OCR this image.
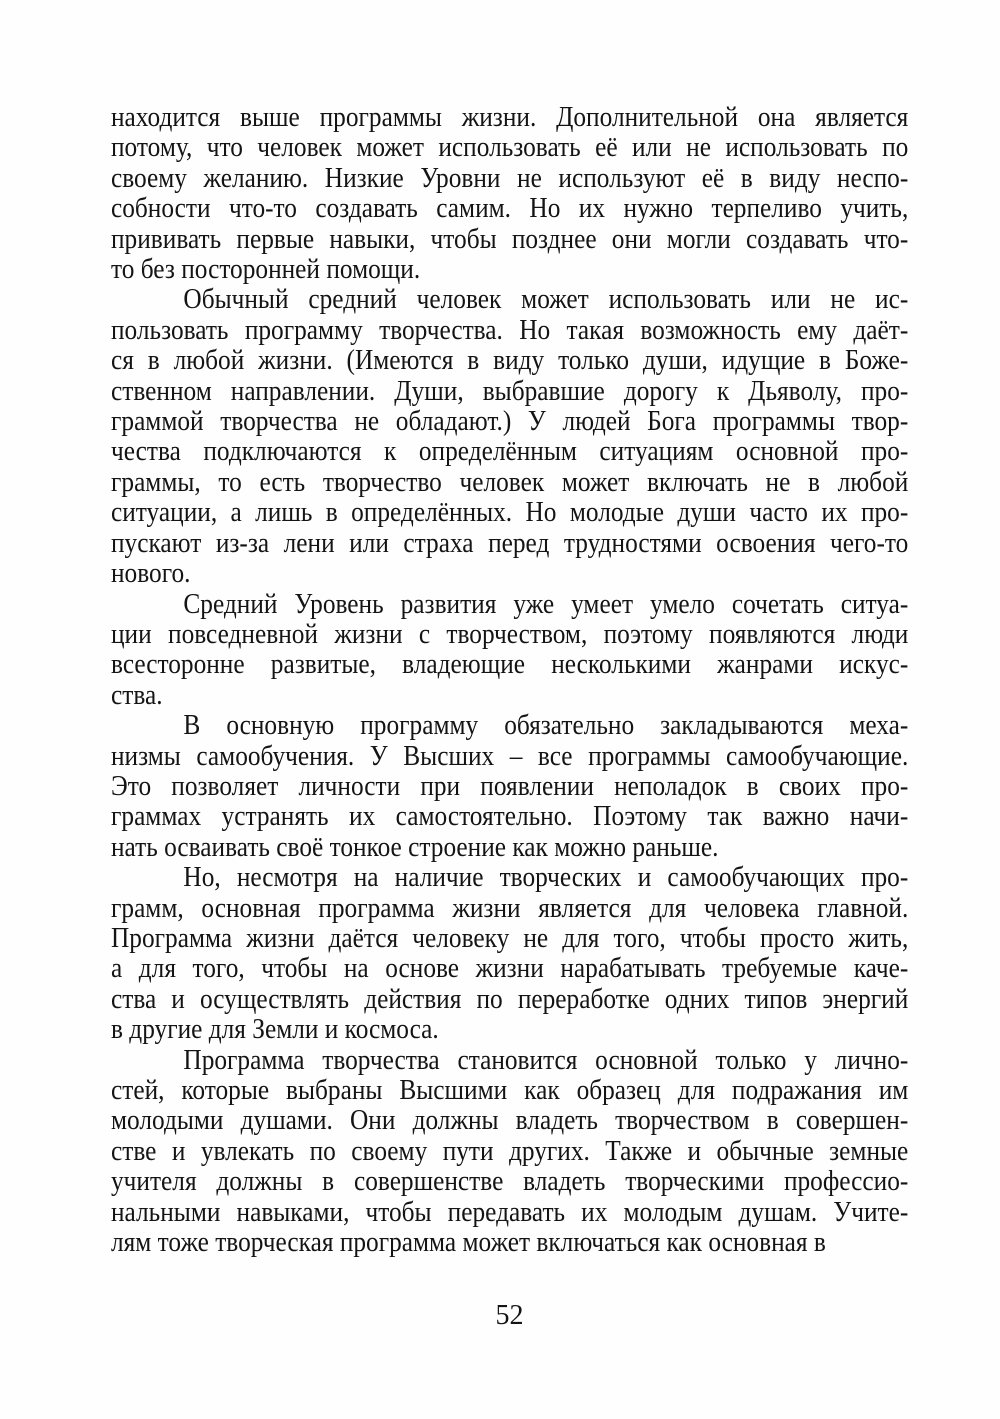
находится выше программы жизни. Дополнительной она является
потому, что человек может использовать её или не использовать по
своему желанию. Низкие Уровни не используют её в виду неспо-
собности что-то создавать самим. Но их нужно терпеливо учить,
прививать первые навыки, чтобы позднее они могли создавать что-
то без посторонней помощи.
Обычный средний человек может использовать или не ис-
пользовать программу творчества. Но такая возможность ему даёт-
ся в любой жизни. (Имеются в виду только души, идущие в Боже-
ственном направлении. Души, выбравшие дорогу к Дьяволу, про-
граммой творчества не обладают.) У людей Бога программы твор-
чества подключаются к определённым ситуациям основной про-
граммы, то есть творчество человек может включать не в любой
ситуации, а лишь в определённых. Но молодые души часто их про-
пускают из-за лени или страха перед трудностями освоения чего-то
нового.
Средний Уровень развития уже умеет умело сочетать ситуа-
ции повседневной жизни с творчеством, поэтому появляются люди
всесторонне развитые, владеющие несколькими жанрами искус-
ства.
В основную программу обязательно закладываются меха-
низмы самообучения. У Высших – все программы самообучающие.
Это позволяет личности при появлении неполадок в своих про-
граммах устранять их самостоятельно. Поэтому так важно начи-
нать осваивать своё тонкое строение как можно раньше.
Но, несмотря на наличие творческих и самообучающих про-
грамм, основная программа жизни является для человека главной.
Программа жизни даётся человеку не для того, чтобы просто жить,
а для того, чтобы на основе жизни нарабатывать требуемые каче-
ства и осуществлять действия по переработке одних типов энергий
в другие для Земли и космоса.
Программа творчества становится основной только у лично-
стей, которые выбраны Высшими как образец для подражания им
молодыми душами. Они должны владеть творчеством в совершен-
стве и увлекать по своему пути других. Также и обычные земные
учителя должны в совершенстве владеть творческими профессио-
нальными навыками, чтобы передавать их молодым душам. Учите-
лям тоже творческая программа может включаться как основная в
52
